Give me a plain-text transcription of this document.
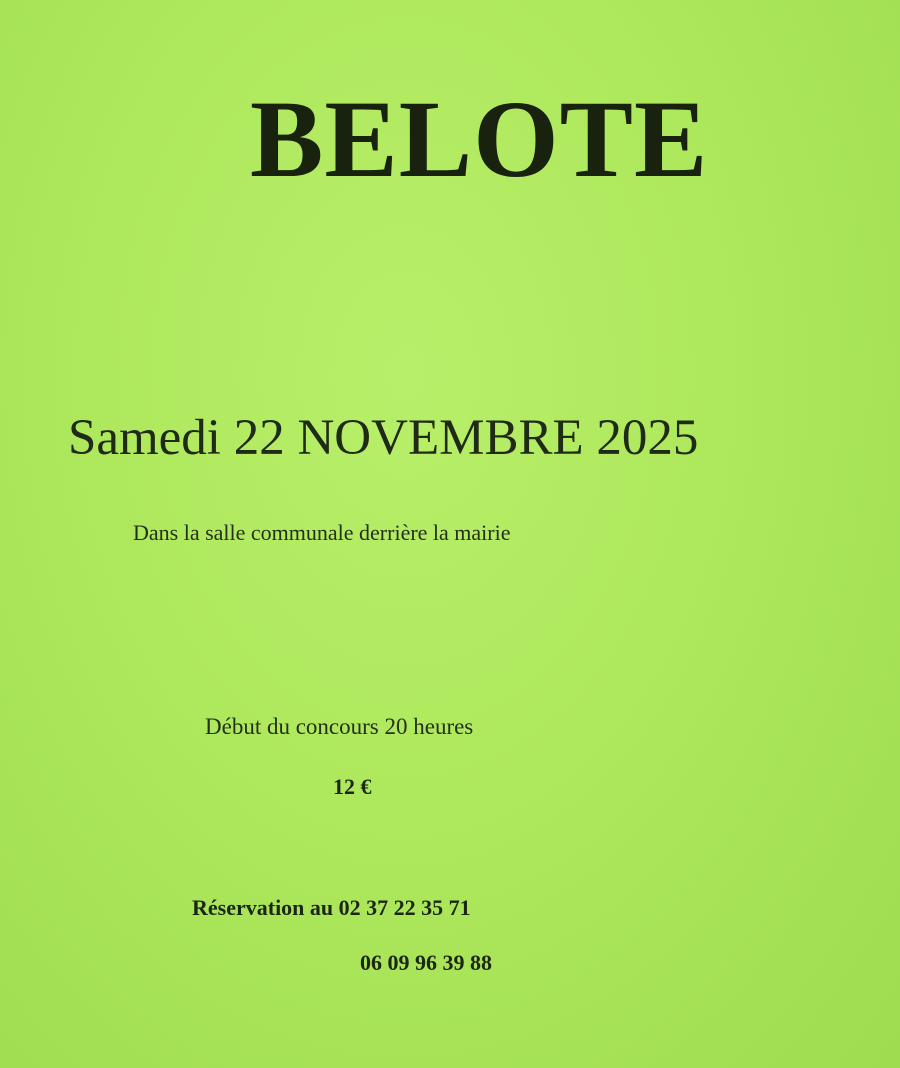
BELOTE

Samedi 22 NOVEMBRE 2025

Dans la salle communale derrière la mairie

Début du concours 20 heures

12 €

Réservation au 02 37 22 35 71

06 09 96 39 88
